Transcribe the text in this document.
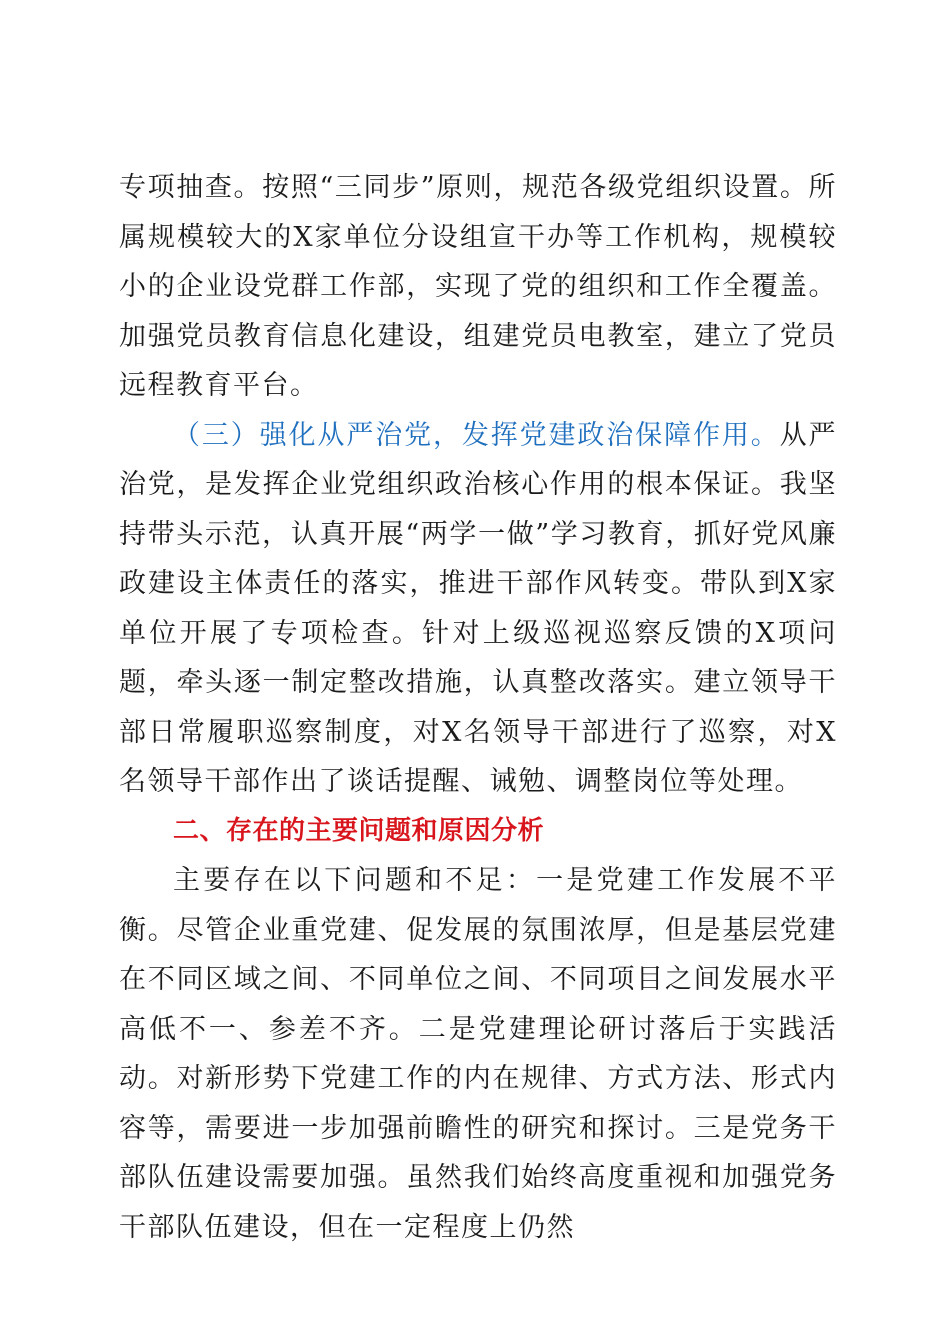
专项抽查。按照“三同步”原则，规范各级党组织设置。所属规模较大的X家单位分设组宣干办等工作机构，规模较小的企业设党群工作部，实现了党的组织和工作全覆盖。加强党员教育信息化建设，组建党员电教室，建立了党员远程教育平台。

（三）强化从严治党，发挥党建政治保障作用。从严治党，是发挥企业党组织政治核心作用的根本保证。我坚持带头示范，认真开展“两学一做”学习教育，抓好党风廉政建设主体责任的落实，推进干部作风转变。带队到X家单位开展了专项检查。针对上级巡视巡察反馈的X项问题，牵头逐一制定整改措施，认真整改落实。建立领导干部日常履职巡察制度，对X名领导干部进行了巡察，对X名领导干部作出了谈话提醒、诫勉、调整岗位等处理。

二、存在的主要问题和原因分析

主要存在以下问题和不足：一是党建工作发展不平衡。尽管企业重党建、促发展的氛围浓厚，但是基层党建在不同区域之间、不同单位之间、不同项目之间发展水平高低不一、参差不齐。二是党建理论研讨落后于实践活动。对新形势下党建工作的内在规律、方式方法、形式内容等，需要进一步加强前瞻性的研究和探讨。三是党务干部队伍建设需要加强。虽然我们始终高度重视和加强党务干部队伍建设，但在一定程度上仍然
